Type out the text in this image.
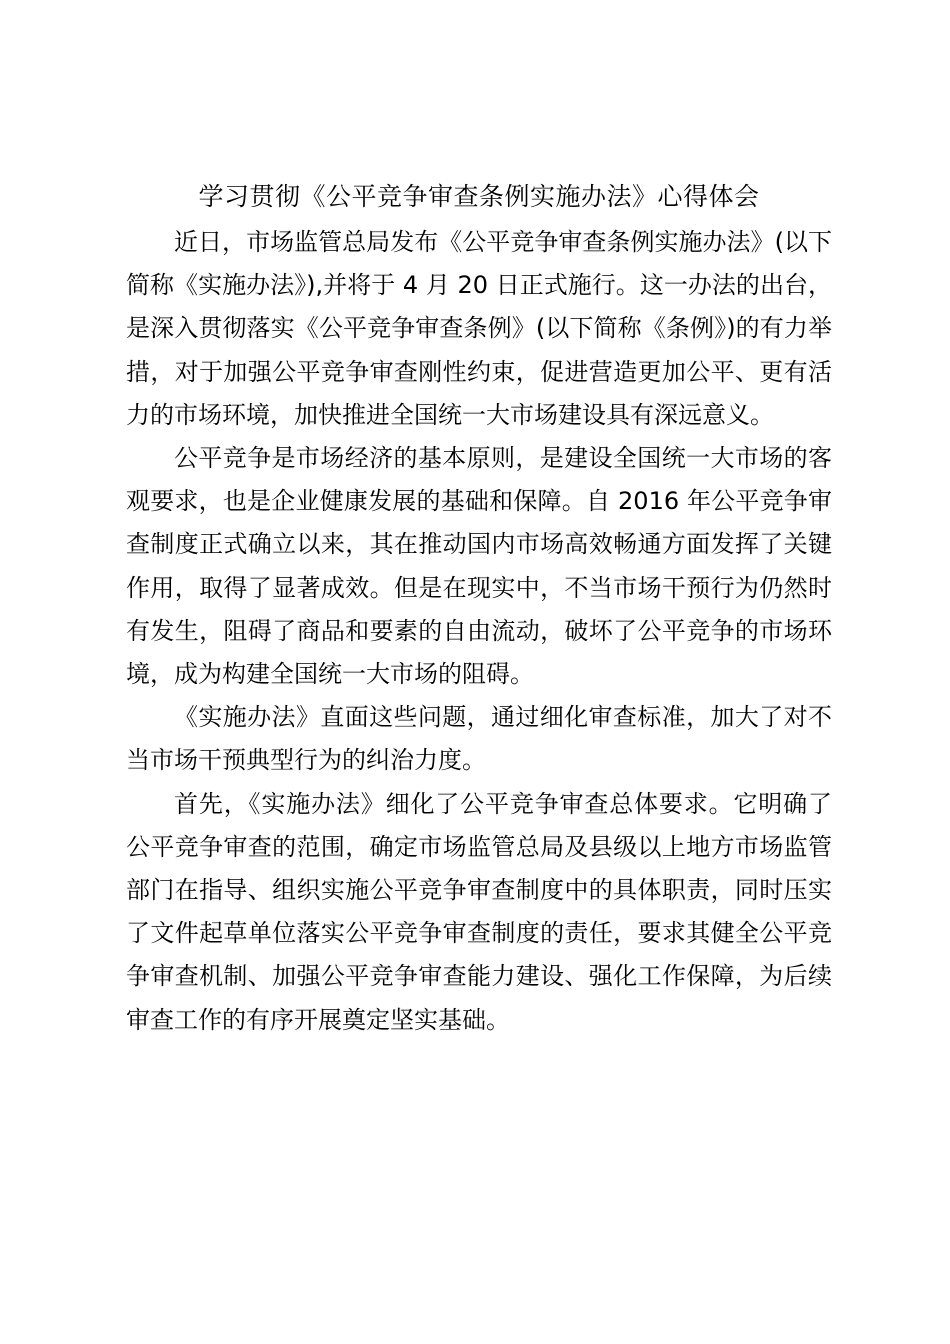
学习贯彻《公平竞争审查条例实施办法》心得体会

近日，市场监管总局发布《公平竞争审查条例实施办法》(以下简称《实施办法》),并将于 4 月 20 日正式施行。这一办法的出台，是深入贯彻落实《公平竞争审查条例》(以下简称《条例》)的有力举措，对于加强公平竞争审查刚性约束，促进营造更加公平、更有活力的市场环境，加快推进全国统一大市场建设具有深远意义。

公平竞争是市场经济的基本原则，是建设全国统一大市场的客观要求，也是企业健康发展的基础和保障。自 2016 年公平竞争审查制度正式确立以来，其在推动国内市场高效畅通方面发挥了关键作用，取得了显著成效。但是在现实中，不当市场干预行为仍然时有发生，阻碍了商品和要素的自由流动，破坏了公平竞争的市场环境，成为构建全国统一大市场的阻碍。

《实施办法》直面这些问题，通过细化审查标准，加大了对不当市场干预典型行为的纠治力度。

首先，《实施办法》细化了公平竞争审查总体要求。它明确了公平竞争审查的范围，确定市场监管总局及县级以上地方市场监管部门在指导、组织实施公平竞争审查制度中的具体职责，同时压实了文件起草单位落实公平竞争审查制度的责任，要求其健全公平竞争审查机制、加强公平竞争审查能力建设、强化工作保障，为后续审查工作的有序开展奠定坚实基础。
